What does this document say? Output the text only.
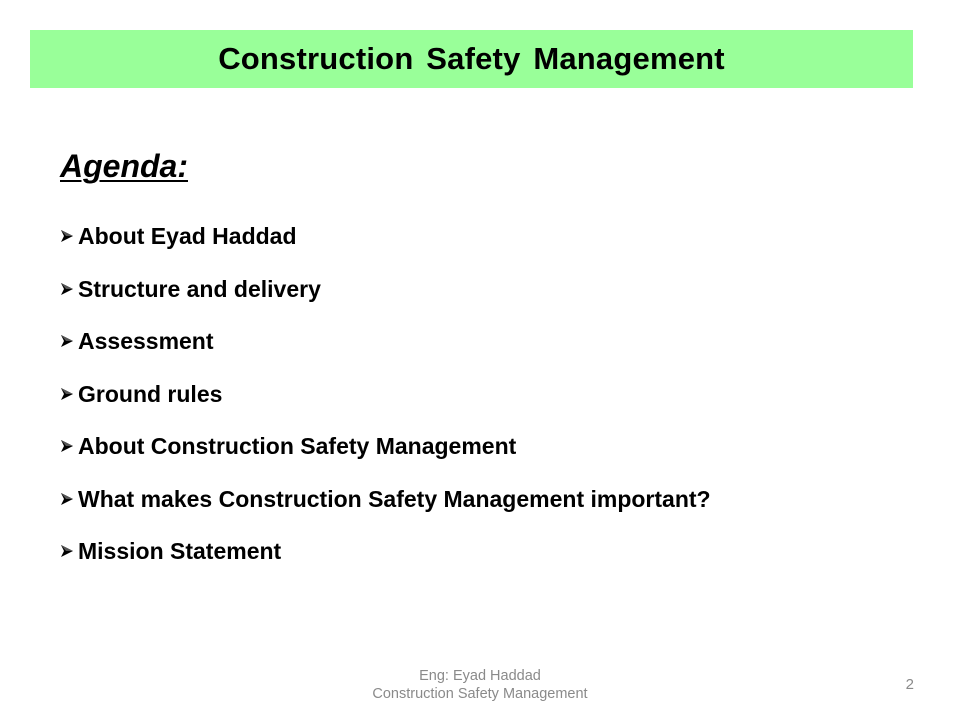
Construction Safety Management
Agenda:
About Eyad Haddad
Structure and delivery
Assessment
Ground rules
About Construction Safety Management
What makes Construction Safety Management important?
Mission Statement
Eng: Eyad Haddad
Construction Safety Management
2
